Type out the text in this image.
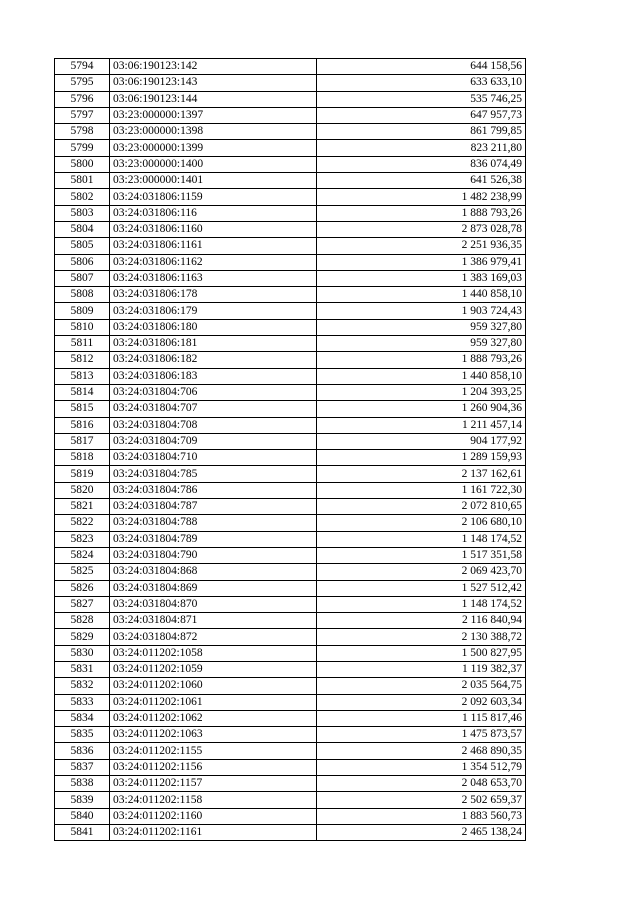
5794	03:06:190123:142	644 158,56
5795	03:06:190123:143	633 633,10
5796	03:06:190123:144	535 746,25
5797	03:23:000000:1397	647 957,73
5798	03:23:000000:1398	861 799,85
5799	03:23:000000:1399	823 211,80
5800	03:23:000000:1400	836 074,49
5801	03:23:000000:1401	641 526,38
5802	03:24:031806:1159	1 482 238,99
5803	03:24:031806:116	1 888 793,26
5804	03:24:031806:1160	2 873 028,78
5805	03:24:031806:1161	2 251 936,35
5806	03:24:031806:1162	1 386 979,41
5807	03:24:031806:1163	1 383 169,03
5808	03:24:031806:178	1 440 858,10
5809	03:24:031806:179	1 903 724,43
5810	03:24:031806:180	959 327,80
5811	03:24:031806:181	959 327,80
5812	03:24:031806:182	1 888 793,26
5813	03:24:031806:183	1 440 858,10
5814	03:24:031804:706	1 204 393,25
5815	03:24:031804:707	1 260 904,36
5816	03:24:031804:708	1 211 457,14
5817	03:24:031804:709	904 177,92
5818	03:24:031804:710	1 289 159,93
5819	03:24:031804:785	2 137 162,61
5820	03:24:031804:786	1 161 722,30
5821	03:24:031804:787	2 072 810,65
5822	03:24:031804:788	2 106 680,10
5823	03:24:031804:789	1 148 174,52
5824	03:24:031804:790	1 517 351,58
5825	03:24:031804:868	2 069 423,70
5826	03:24:031804:869	1 527 512,42
5827	03:24:031804:870	1 148 174,52
5828	03:24:031804:871	2 116 840,94
5829	03:24:031804:872	2 130 388,72
5830	03:24:011202:1058	1 500 827,95
5831	03:24:011202:1059	1 119 382,37
5832	03:24:011202:1060	2 035 564,75
5833	03:24:011202:1061	2 092 603,34
5834	03:24:011202:1062	1 115 817,46
5835	03:24:011202:1063	1 475 873,57
5836	03:24:011202:1155	2 468 890,35
5837	03:24:011202:1156	1 354 512,79
5838	03:24:011202:1157	2 048 653,70
5839	03:24:011202:1158	2 502 659,37
5840	03:24:011202:1160	1 883 560,73
5841	03:24:011202:1161	2 465 138,24
